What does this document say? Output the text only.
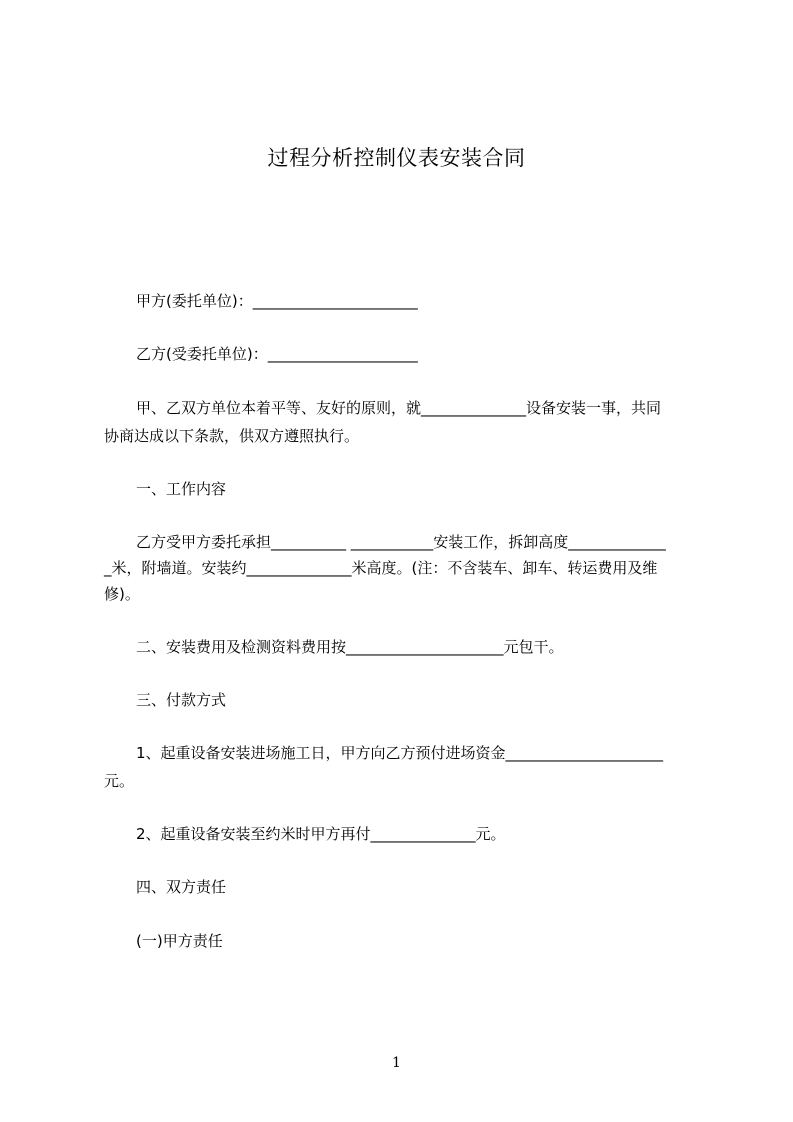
过程分析控制仪表安装合同
甲方(委托单位)：______________________
乙方(受委托单位)：____________________
甲、乙双方单位本着平等、友好的原则，就______________设备安装一事，共同
协商达成以下条款，供双方遵照执行。
一、工作内容
乙方受甲方委托承担__________ ___________安装工作，拆卸高度_____________
_米，附墙道。安装约______________米高度。(注：不含装车、卸车、转运费用及维
修)。
二、安装费用及检测资料费用按_____________________元包干。
三、付款方式
1、起重设备安装进场施工日，甲方向乙方预付进场资金_____________________
元。
2、起重设备安装至约米时甲方再付______________元。
四、双方责任
(一)甲方责任
1
